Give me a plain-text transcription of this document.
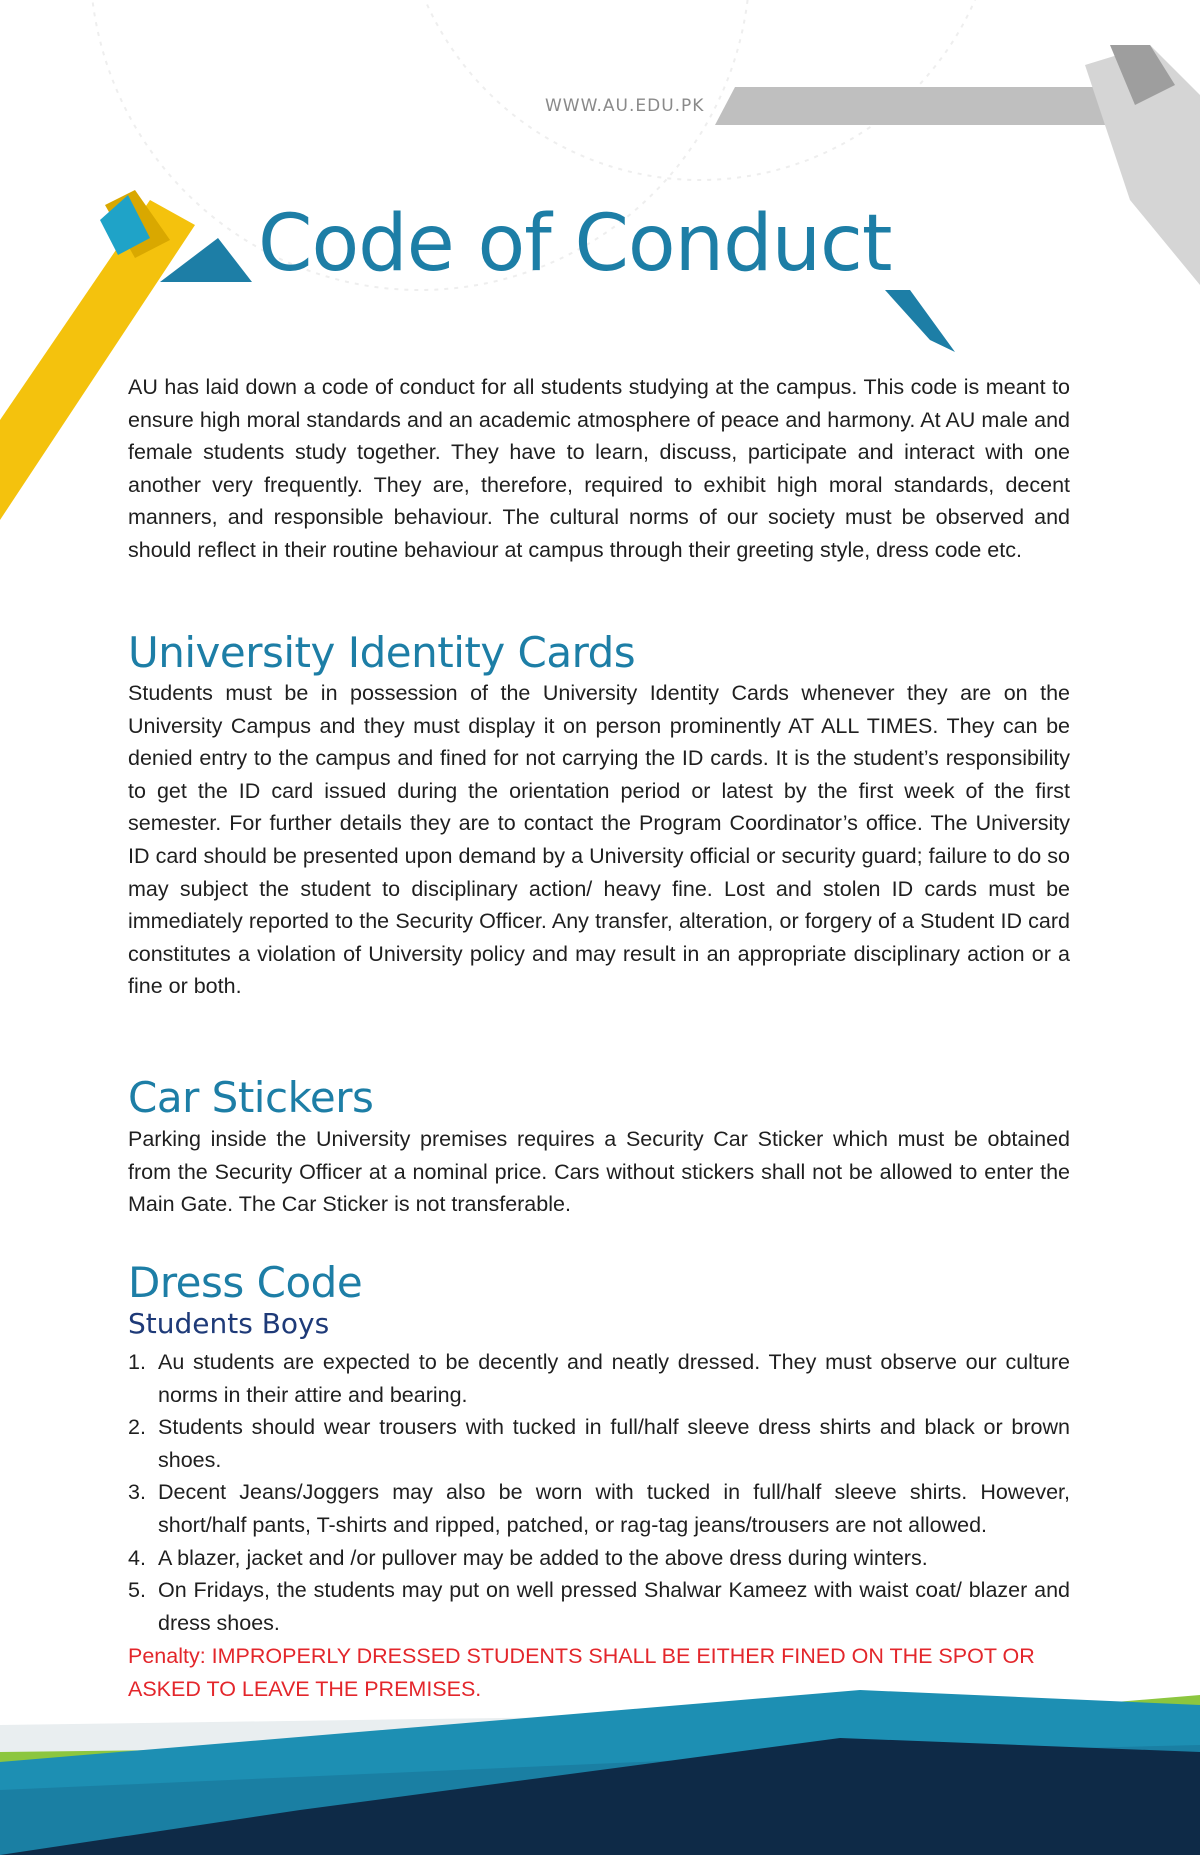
WWW.AU.EDU.PK
Code of Conduct

AU has laid down a code of conduct for all students studying at the campus. This code is meant to ensure high moral standards and an academic atmosphere of peace and harmony. At AU male and female students study together. They have to learn, discuss, participate and interact with one another very frequently. They are, therefore, required to exhibit high moral standards, decent manners, and responsible behaviour. The cultural norms of our society must be observed and should reflect in their routine behaviour at campus through their greeting style, dress code etc.

University Identity Cards

Students must be in possession of the University Identity Cards whenever they are on the University Campus and they must display it on person prominently AT ALL TIMES. They can be denied entry to the campus and fined for not carrying the ID cards. It is the student’s responsibility to get the ID card issued during the orientation period or latest by the first week of the first semester. For further details they are to contact the Program Coordinator’s office. The University ID card should be presented upon demand by a University official or security guard; failure to do so may subject the student to disciplinary action/ heavy fine. Lost and stolen ID cards must be immediately reported to the Security Officer. Any transfer, alteration, or forgery of a Student ID card constitutes a violation of University policy and may result in an appropriate disciplinary action or a fine or both.

Car Stickers

Parking inside the University premises requires a Security Car Sticker which must be obtained from the Security Officer at a nominal price. Cars without stickers shall not be allowed to enter the Main Gate. The Car Sticker is not transferable.

Dress Code
Students Boys
1. Au students are expected to be decently and neatly dressed. They must observe our culture norms in their attire and bearing.
2. Students should wear trousers with tucked in full/half sleeve dress shirts and black or brown shoes.
3. Decent Jeans/Joggers may also be worn with tucked in full/half sleeve shirts. However, short/half pants, T-shirts and ripped, patched, or rag-tag jeans/trousers are not allowed.
4. A blazer, jacket and /or pullover may be added to the above dress during winters.
5. On Fridays, the students may put on well pressed Shalwar Kameez with waist coat/ blazer and dress shoes.

Penalty: IMPROPERLY DRESSED STUDENTS SHALL BE EITHER FINED ON THE SPOT OR ASKED TO LEAVE THE PREMISES.
